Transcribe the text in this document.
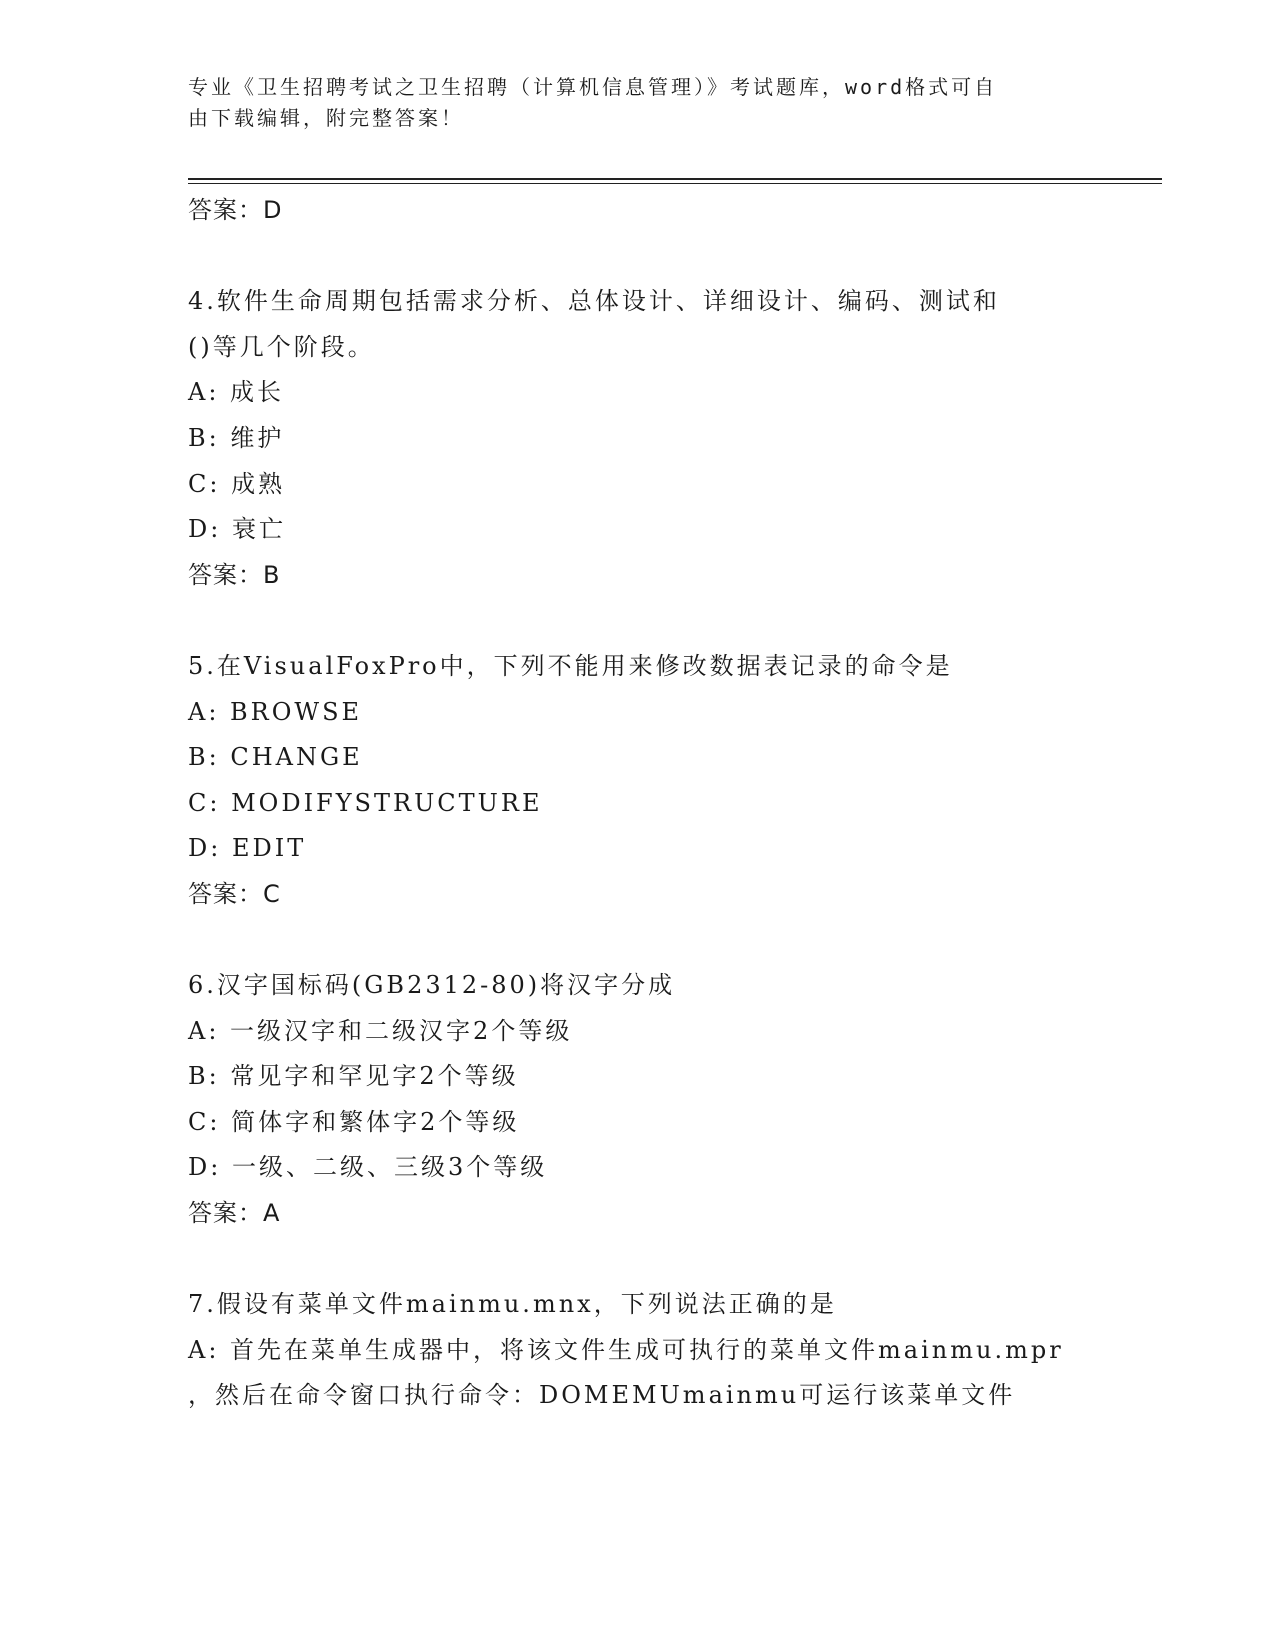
专业《卫生招聘考试之卫生招聘（计算机信息管理）》考试题库，word格式可自
由下载编辑，附完整答案！
答案：D
4.软件生命周期包括需求分析、总体设计、详细设计、编码、测试和
()等几个阶段。
A: 成长
B: 维护
C: 成熟
D: 衰亡
答案：B
5.在VisualFoxPro中，下列不能用来修改数据表记录的命令是
A: BROWSE
B: CHANGE
C: MODIFYSTRUCTURE
D: EDIT
答案：C
6.汉字国标码(GB2312-80)将汉字分成
A: 一级汉字和二级汉字2个等级
B: 常见字和罕见字2个等级
C: 简体字和繁体字2个等级
D: 一级、二级、三级3个等级
答案：A
7.假设有菜单文件mainmu.mnx，下列说法正确的是
A: 首先在菜单生成器中，将该文件生成可执行的菜单文件mainmu.mpr
，然后在命令窗口执行命令：DOMEMUmainmu可运行该菜单文件
